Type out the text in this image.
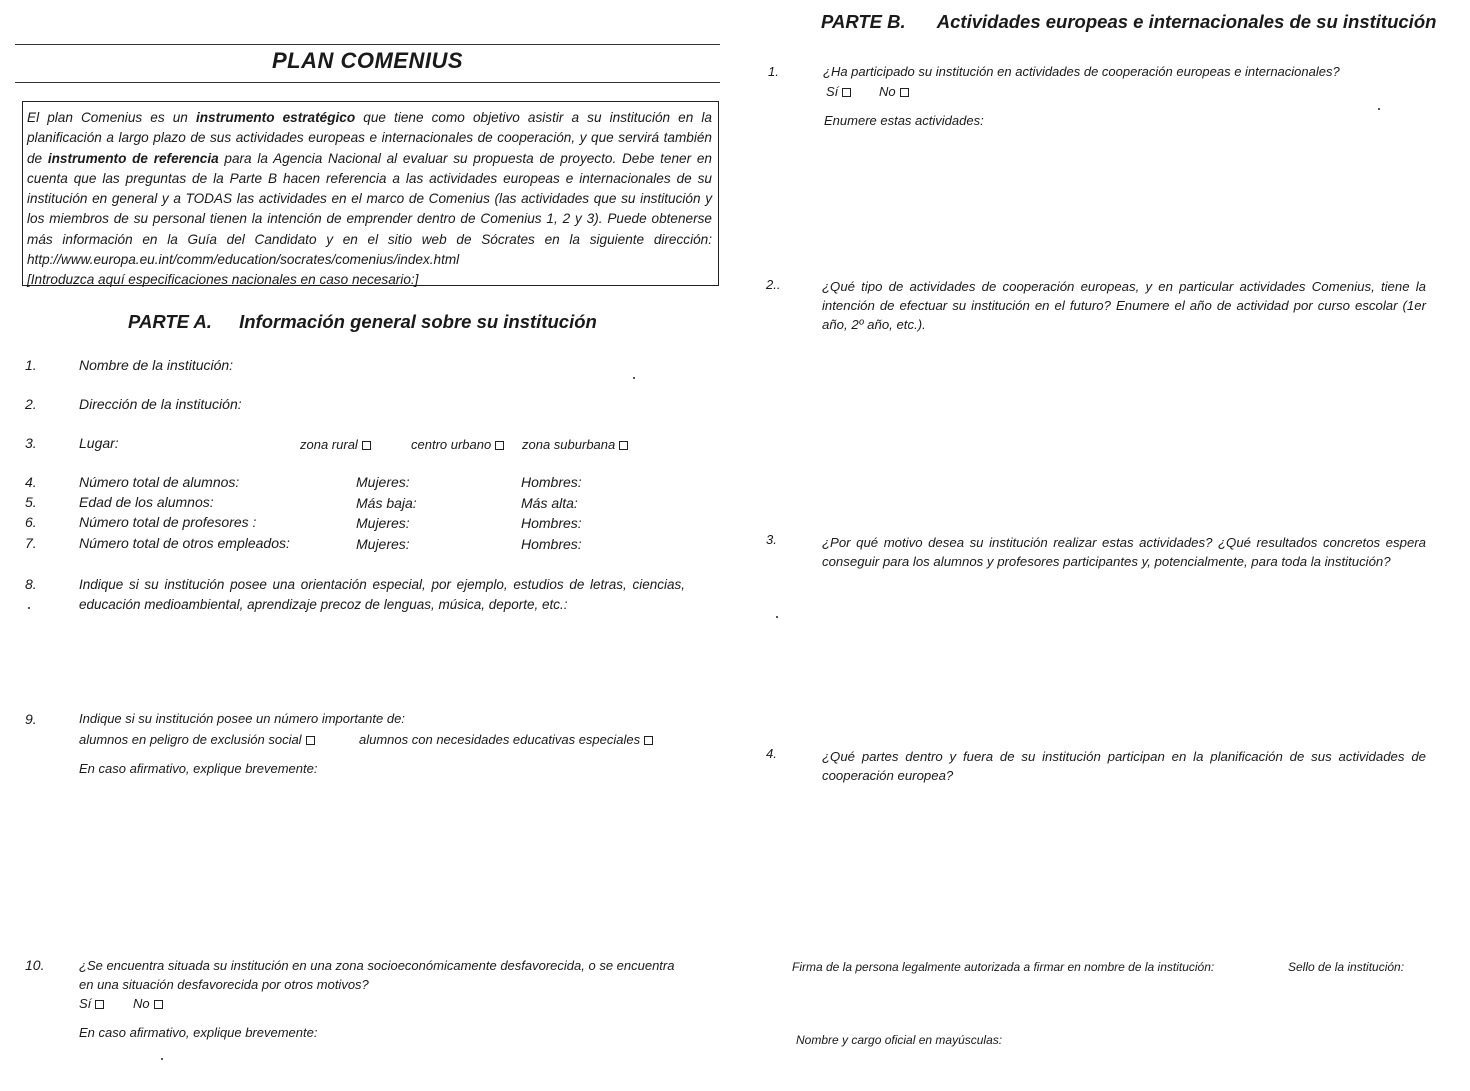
PLAN COMENIUS

El plan Comenius es un instrumento estratégico que tiene como objetivo asistir a su institución en la planificación a largo plazo de sus actividades europeas e internacionales de cooperación, y que servirá también de instrumento de referencia para la Agencia Nacional al evaluar su propuesta de proyecto. Debe tener en cuenta que las preguntas de la Parte B hacen referencia a las actividades europeas e internacionales de su institución en general y a TODAS las actividades en el marco de Comenius (las actividades que su institución y los miembros de su personal tienen la intención de emprender dentro de Comenius 1, 2 y 3). Puede obtenerse más información en la Guía del Candidato y en el sitio web de Sócrates en la siguiente dirección: http://www.europa.eu.int/comm/education/socrates/comenius/index.html

[Introduzca aquí especificaciones nacionales en caso necesario:]

PARTE A. Información general sobre su institución
1.	Nombre de la institución:
2.	Dirección de la institución:
3.	Lugar:	zona rural	centro urbano	zona suburbana
4.	Número total de alumnos:	Mujeres:	Hombres:
5.	Edad de los alumnos:	Más baja:	Más alta:
6.	Número total de profesores :	Mujeres:	Hombres:
7.	Número total de otros empleados:	Mujeres:	Hombres:
8.	Indique si su institución posee una orientación especial, por ejemplo, estudios de letras, ciencias, educación medioambiental, aprendizaje precoz de lenguas, música, deporte, etc.:
9.	Indique si su institución posee un número importante de:
alumnos en peligro de exclusión social	alumnos con necesidades educativas especiales
En caso afirmativo, explique brevemente:
10.	¿Se encuentra situada su institución en una zona socioeconómicamente desfavorecida, o se encuentra en una situación desfavorecida por otros motivos?
Sí	No
En caso afirmativo, explique brevemente:
PARTE B. Actividades europeas e internacionales de su institución
1.	¿Ha participado su institución en actividades de cooperación europeas e internacionales?
Sí	No
Enumere estas actividades:
2..	¿Qué tipo de actividades de cooperación europeas, y en particular actividades Comenius, tiene la intención de efectuar su institución en el futuro? Enumere el año de actividad por curso escolar (1er año, 2º año, etc.).
3.	¿Por qué motivo desea su institución realizar estas actividades? ¿Qué resultados concretos espera conseguir para los alumnos y profesores participantes y, potencialmente, para toda la institución?
4.	¿Qué partes dentro y fuera de su institución participan en la planificación de sus actividades de cooperación europea?
Firma de la persona legalmente autorizada a firmar en nombre de la institución:	Sello de la institución:
Nombre y cargo oficial en mayúsculas:
